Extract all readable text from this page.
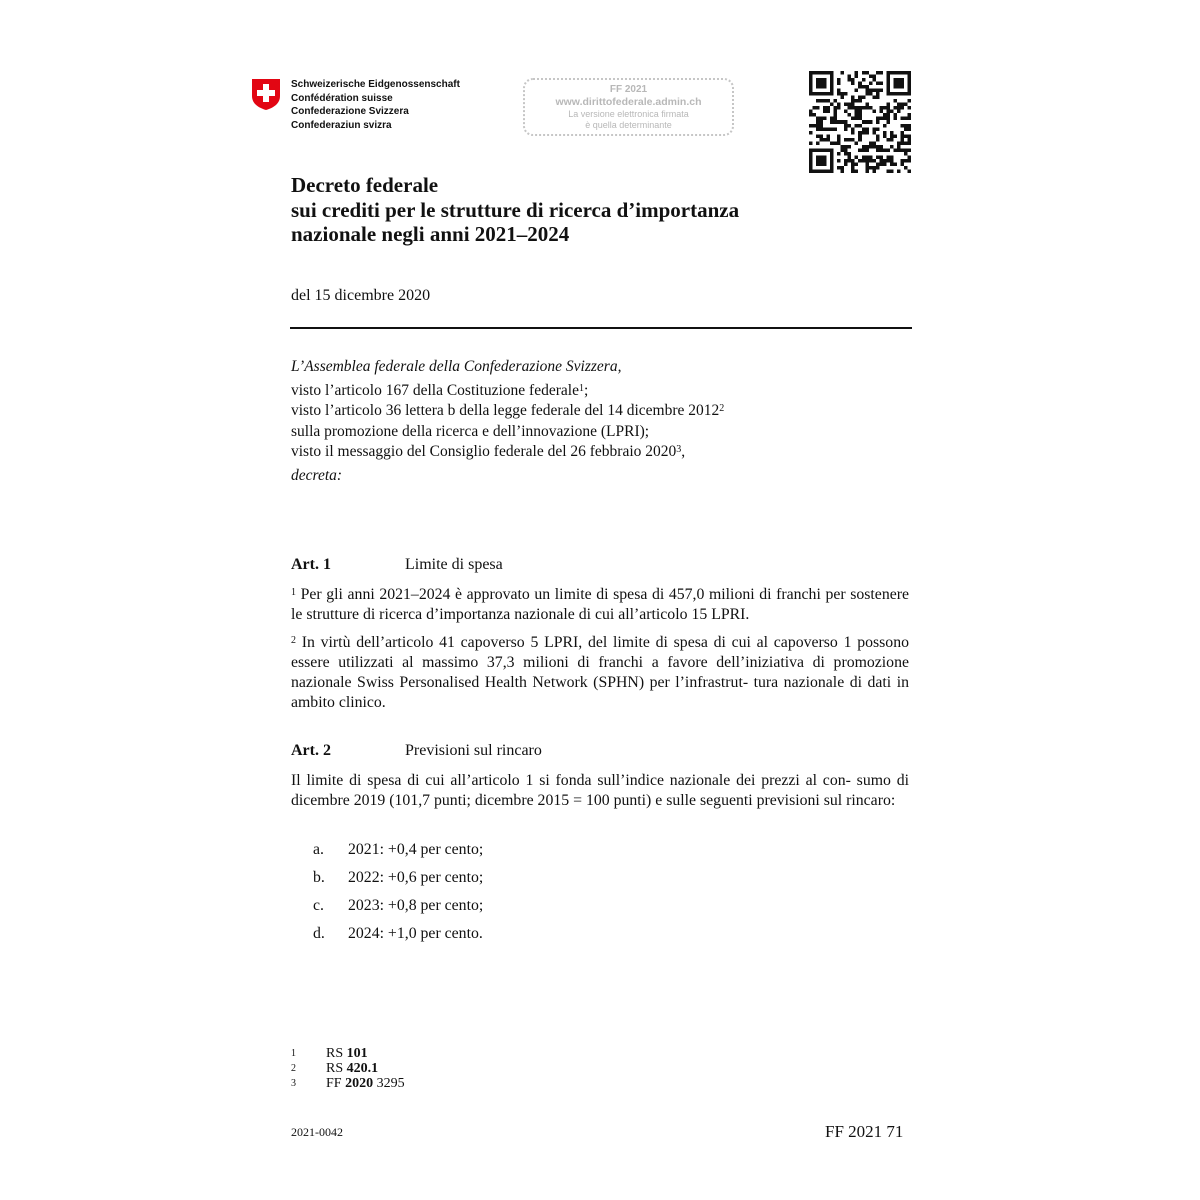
Schweizerische Eidgenossenschaft
Confédération suisse
Confederazione Svizzera
Confederaziun svizra
FF 2021
www.dirittofederale.admin.ch
La versione elettronica firmata
è quella determinante
Decreto federale
sui crediti per le strutture di ricerca d’importanza
nazionale negli anni 2021–2024
del 15 dicembre 2020
L’Assemblea federale della Confederazione Svizzera,
visto l’articolo 167 della Costituzione federale$^1$;
visto l’articolo 36 lettera b della legge federale del 14 dicembre 2012$^2$
sulla promozione della ricerca e dell’innovazione (LPRI);
visto il messaggio del Consiglio federale del 26 febbraio 2020$^3$,
decreta:
Art. 1	Limite di spesa
$^1$ Per gli anni 2021–2024 è approvato un limite di spesa di 457,0 milioni di franchi per sostenere le strutture di ricerca d’importanza nazionale di cui all’articolo 15 LPRI.
$^2$ In virtù dell’articolo 41 capoverso 5 LPRI, del limite di spesa di cui al capoverso 1 possono essere utilizzati al massimo 37,3 milioni di franchi a favore dell’iniziativa di promozione nazionale Swiss Personalised Health Network (SPHN) per l’infrastrut- tura nazionale di dati in ambito clinico.
Art. 2	Previsioni sul rincaro
Il limite di spesa di cui all’articolo 1 si fonda sull’indice nazionale dei prezzi al con- sumo di dicembre 2019 (101,7 punti; dicembre 2015 = 100 punti) e sulle seguenti previsioni sul rincaro:
a. 2021: +0,4 per cento;
b. 2022: +0,6 per cento;
c. 2023: +0,8 per cento;
d. 2024: +1,0 per cento.
1 RS 101
2 RS 420.1
3 FF 2020 3295
2021-0042	FF 2021 71
